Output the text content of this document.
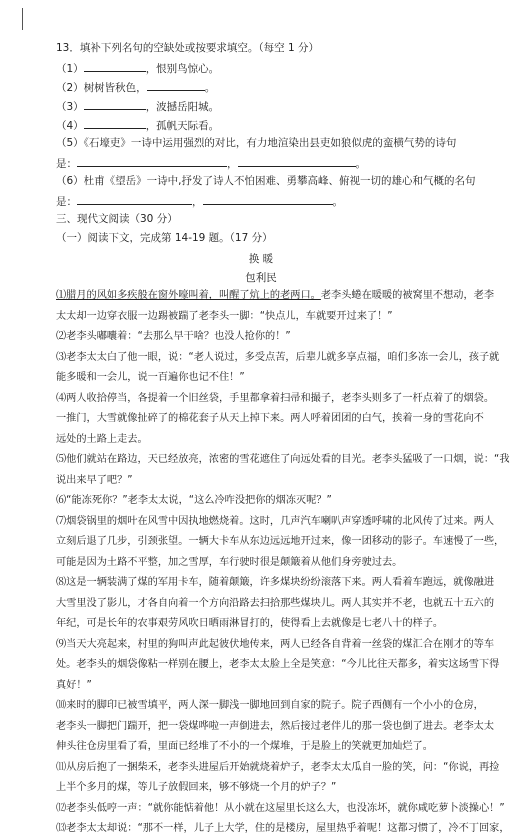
13．填补下列名句的空缺处或按要求填空。（每空 1 分）
（1）	，恨别鸟惊心。
（2）树树皆秋色，	。
（3）	，波撼岳阳城。
（4）	，孤帆天际看。
（5）《石壕吏》一诗中运用强烈的对比，有力地渲染出县吏如狼似虎的蛮横气势的诗句
是：	，	。
（6）杜甫《望岳》一诗中,抒发了诗人不怕困难、勇攀高峰、俯视一切的雄心和气概的名句
是：	，	。
三、现代文阅读（30 分）
（一）阅读下文，完成第 14-19 题。（17 分）
换 暖
包利民
⑴腊月的风如多疾般在窗外嚎叫着，叫醒了炕上的老两口。老李头蜷在暖暖的被窝里不想动，老李
太太却一边穿衣服一边踢被踹了老李头一脚：“快点儿，车就要开过来了！”
⑵老李头嘟囔着：“去那么早干啥？也没人抢你的！”
⑶老李太太白了他一眼，说：“老人说过，多受点苦，后辈儿就多享点福，咱们多冻一会儿，孩子就
能多暖和一会儿，说一百遍你也记不住！”
⑷两人收拾停当，各提着一个旧丝袋，手里都拿着扫帚和撮子，老李头则多了一杆点着了的烟袋。
一推门，大雪就像扯碎了的棉花套子从天上掉下来。两人呼着团团的白气，挨着一身的雪花向不
远处的土路上走去。
⑸他们就站在路边，天已经放亮，浓密的雪花遮住了向远处看的目光。老李头猛吸了一口烟，说：“我
说出来早了吧？”
⑹“能冻死你？”老李太太说，“这么冷咋没把你的烟冻灭呢？”
⑺烟袋锅里的烟叶在风雪中因执地燃烧着。这时，几声汽车喇叭声穿透呼啸的北风传了过来。两人
立刻后退了几步，引颈张望。一辆大卡车从东边远远地开过来，像一团移动的影子。车速慢了一些，
可能是因为土路不平整，加之雪厚，车行驶时很是颠簸着从他们身旁驶过去。
⑻这是一辆装满了煤的军用卡车，随着颠簸，许多煤块纷纷滚落下来。两人看着车跑远，就像融进
大雪里没了影儿，才各自向着一个方向沿路去扫拾那些煤块儿。两人其实并不老，也就五十五六的
年纪，可是长年的农事艰劳风吹日晒雨淋冒打的，使得看上去就像是七老八十的样子。
⑼当天大亮起来，村里的狗叫声此起彼伏地传来，两人已经各自背着一丝袋的煤汇合在刚才的等车
处。老李头的烟袋像粘一样别在腰上，老李太太脸上全是笑意：“今儿比往天都多，着实这场雪下得
真好！”
⑽来时的脚印已被雪填平，两人深一脚浅一脚地回到自家的院子。院子西侧有一个小小的仓房，
老李头一脚把门踹开，把一袋煤哗啦一声倒进去，然后接过老伴儿的那一袋也倒了进去。老李太太
伸头往仓房里看了看，里面已经堆了不小的一个煤堆，于是脸上的笑就更加灿烂了。
⑾从房后抱了一捆柴禾，老李头进屋后开始就烧着炉子，老李太太瓜自一脸的笑，问：“你说，再捡
上半个多月的煤，等儿子放假回来，够不够烧一个月的炉子？”
⑿老李头低哼一声：“就你能惦着他！从小就在这屋里长这么大，也没冻坏，就你咸吃萝卜淡操心！”
⒀老李太太却说：“那不一样，儿子上大学，住的是楼房，屋里热乎着呢！这都习惯了，冷不丁回家，
